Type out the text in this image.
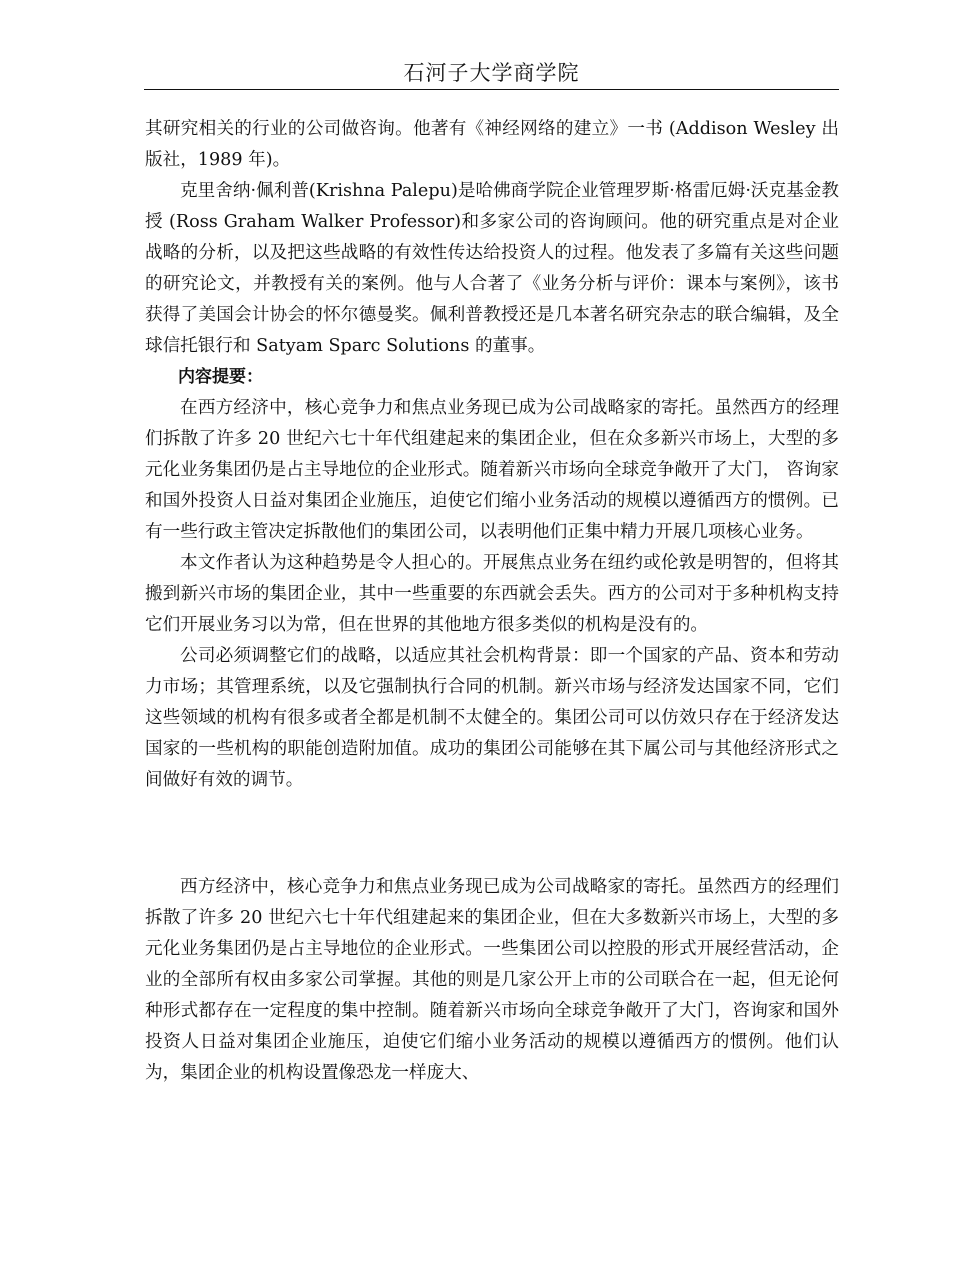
石河子大学商学院

其研究相关的行业的公司做咨询。他著有《神经网络的建立》一书 (Addison Wesley 出版社，1989 年)。

克里舍纳·佩利普(Krishna Palepu)是哈佛商学院企业管理罗斯·格雷厄姆·沃克基金教授 (Ross Graham Walker Professor)和多家公司的咨询顾问。他的研究重点是对企业战略的分析，以及把这些战略的有效性传达给投资人的过程。他发表了多篇有关这些问题的研究论文，并教授有关的案例。他与人合著了《业务分析与评价：课本与案例》，该书获得了美国会计协会的怀尔德曼奖。佩利普教授还是几本著名研究杂志的联合编辑，及全球信托银行和 Satyam Sparc Solutions 的董事。

内容提要：

在西方经济中，核心竞争力和焦点业务现已成为公司战略家的寄托。虽然西方的经理们拆散了许多 20 世纪六七十年代组建起来的集团企业，但在众多新兴市场上，大型的多元化业务集团仍是占主导地位的企业形式。随着新兴市场向全球竞争敞开了大门， 咨询家和国外投资人日益对集团企业施压，迫使它们缩小业务活动的规模以遵循西方的惯例。已有一些行政主管决定拆散他们的集团公司，以表明他们正集中精力开展几项核心业务。

本文作者认为这种趋势是令人担心的。开展焦点业务在纽约或伦敦是明智的，但将其搬到新兴市场的集团企业，其中一些重要的东西就会丢失。西方的公司对于多种机构支持它们开展业务习以为常，但在世界的其他地方很多类似的机构是没有的。

公司必须调整它们的战略，以适应其社会机构背景：即一个国家的产品、资本和劳动力市场；其管理系统，以及它强制执行合同的机制。新兴市场与经济发达国家不同，它们这些领域的机构有很多或者全都是机制不太健全的。集团公司可以仿效只存在于经济发达国家的一些机构的职能创造附加值。成功的集团公司能够在其下属公司与其他经济形式之间做好有效的调节。

西方经济中，核心竞争力和焦点业务现已成为公司战略家的寄托。虽然西方的经理们拆散了许多 20 世纪六七十年代组建起来的集团企业，但在大多数新兴市场上，大型的多元化业务集团仍是占主导地位的企业形式。一些集团公司以控股的形式开展经营活动，企业的全部所有权由多家公司掌握。其他的则是几家公开上市的公司联合在一起，但无论何种形式都存在一定程度的集中控制。随着新兴市场向全球竞争敞开了大门，咨询家和国外投资人日益对集团企业施压，迫使它们缩小业务活动的规模以遵循西方的惯例。他们认为，集团企业的机构设置像恐龙一样庞大、
